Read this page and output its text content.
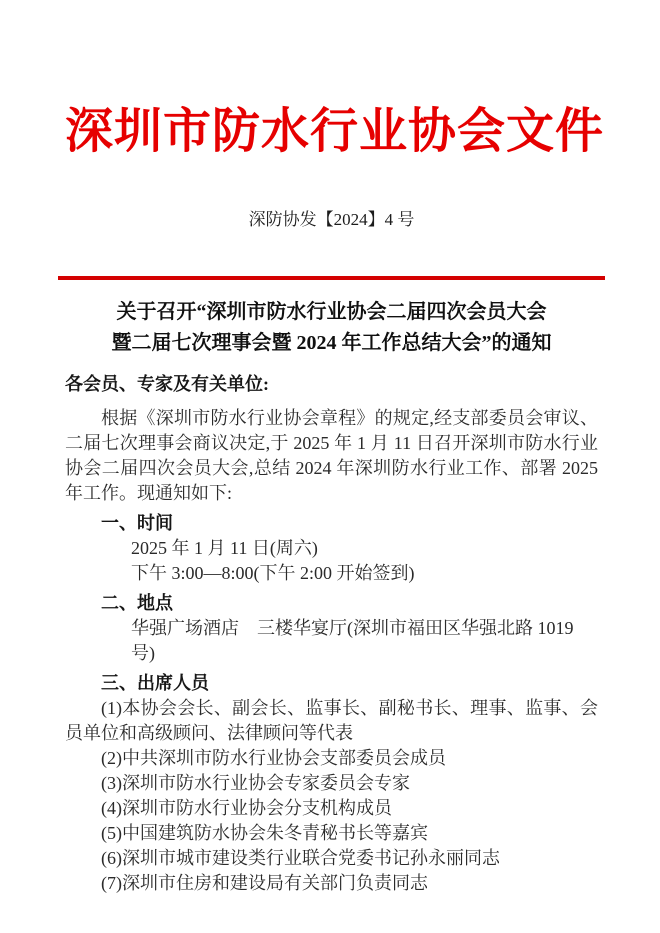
深圳市防水行业协会文件
深防协发【2024】4 号
关于召开“深圳市防水行业协会二届四次会员大会
暨二届七次理事会暨 2024 年工作总结大会”的通知
各会员、专家及有关单位:

根据《深圳市防水行业协会章程》的规定,经支部委员会审议、二届七次理事会商议决定,于 2025 年 1 月 11 日召开深圳市防水行业协会二届四次会员大会,总结 2024 年深圳防水行业工作、部署 2025 年工作。现通知如下:

一、时间

2025 年 1 月 11 日(周六)

下午 3:00—8:00(下午 2:00 开始签到)

二、地点

华强广场酒店　三楼华宴厅(深圳市福田区华强北路 1019 号)

三、出席人员

(1)本协会会长、副会长、监事长、副秘书长、理事、监事、会员单位和高级顾问、法律顾问等代表

(2)中共深圳市防水行业协会支部委员会成员

(3)深圳市防水行业协会专家委员会专家

(4)深圳市防水行业协会分支机构成员

(5)中国建筑防水协会朱冬青秘书长等嘉宾

(6)深圳市城市建设类行业联合党委书记孙永丽同志

(7)深圳市住房和建设局有关部门负责同志
